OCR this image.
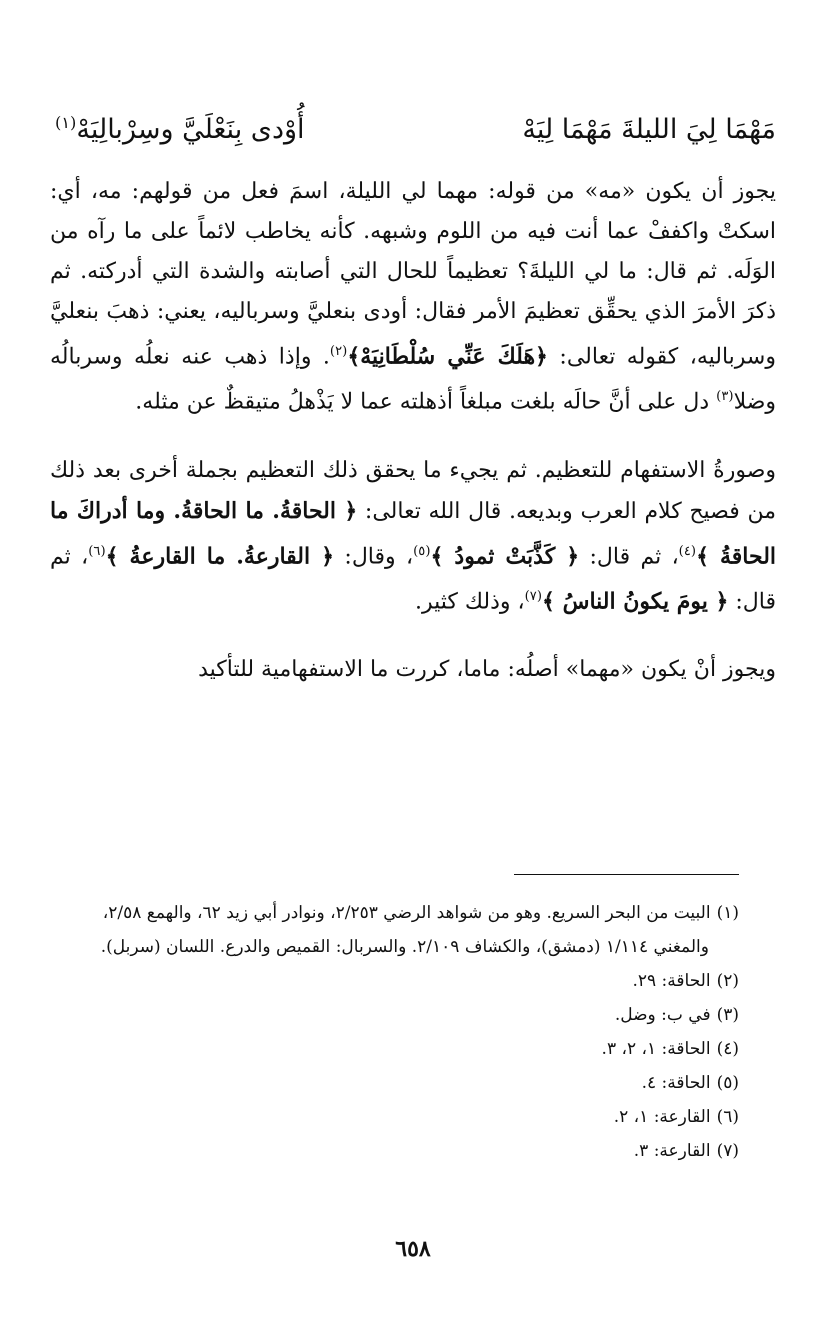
مَهْمَا لِيَ الليلةَ مَهْمَا لِيَهْ
أُوْدى بِنَعْلَيَّ وسِرْبالِيَهْ$^{(١)}$

يجوز أن يكون «مه» من قوله: مهما لي الليلة، اسمَ فعل من قولهم: مه، أي: اسكتْ واكففْ عما أنت فيه من اللوم وشبهه. كأنه يخاطب لائماً على ما رآه من الوَلَه. ثم قال: ما لي الليلةَ؟ تعظيماً للحال التي أصابته والشدة التي أدركته. ثم ذكرَ الأمرَ الذي يحقِّق تعظيمَ الأمر فقال: أودى بنعليَّ وسرباليه، يعني: ذهبَ بنعليَّ وسرباليه، كقوله تعالى: ﴿هَلَكَ عَنِّي سُلْطَانِيَهْ﴾$^{(٢)}$. وإذا ذهب عنه نعلُه وسربالُه وضلا$^{(٣)}$ دل على أنَّ حالَه بلغت مبلغاً أذهلته عما لا يَذْهلُ متيقظٌ عن مثله.

وصورةُ الاستفهام للتعظيم. ثم يجيء ما يحقق ذلك التعظيم بجملة أخرى بعد ذلك من فصيح كلام العرب وبديعه. قال الله تعالى: ﴿ الحاقةُ. ما الحاقةُ. وما أدراكَ ما الحاقةُ ﴾$^{(٤)}$، ثم قال: ﴿ كَذَّبَتْ ثمودُ ﴾$^{(٥)}$، وقال: ﴿ القارعةُ. ما القارعةُ ﴾$^{(٦)}$، ثم قال: ﴿ يومَ يكونُ الناسُ ﴾$^{(٧)}$، وذلك كثير.

ويجوز أنْ يكون «مهما» أصلُه: ماما، كررت ما الاستفهامية للتأكيد

(١)البيت من البحر السريع. وهو من شواهد الرضي ٢/٢٥٣، ونوادر أبي زيد ٦٢، والهمع ٢/٥٨، والمغني ١/١١٤ (دمشق)، والكشاف ٢/١٠٩. والسربال: القميص والدرع. اللسان (سربل).
(٢)الحاقة: ٢٩.
(٣)في ب: وضل.
(٤)الحاقة: ١، ٢، ٣.
(٥)الحاقة: ٤.
(٦)القارعة: ١، ٢.
(٧)القارعة: ٣.
٦٥٨
